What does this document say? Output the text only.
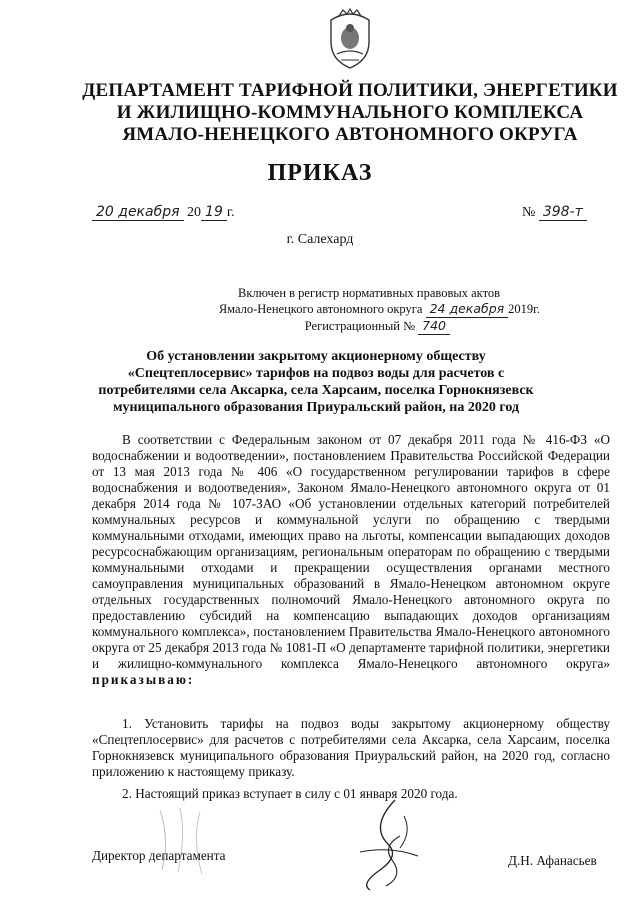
ДЕПАРТАМЕНТ ТАРИФНОЙ ПОЛИТИКИ, ЭНЕРГЕТИКИ
И ЖИЛИЩНО-КОММУНАЛЬНОГО КОМПЛЕКСА
ЯМАЛО-НЕНЕЦКОГО АВТОНОМНОГО ОКРУГА
ПРИКАЗ
20 декабря 20 19 г.	№ 398-т
г. Салехард
Включен в регистр нормативных правовых актов
Ямало-Ненецкого автономного округа 24 декабря 2019г.
Регистрационный № 740
Об установлении закрытому акционерному обществу «Спецтеплосервис» тарифов на подвоз воды для расчетов с потребителями села Аксарка, села Харсаим, поселка Горнокнязевск муниципального образования Приуральский район, на 2020 год
В соответствии с Федеральным законом от 07 декабря 2011 года № 416-ФЗ «О водоснабжении и водоотведении», постановлением Правительства Российской Федерации от 13 мая 2013 года № 406 «О государственном регулировании тарифов в сфере водоснабжения и водоотведения», Законом Ямало-Ненецкого автономного округа от 01 декабря 2014 года № 107-ЗАО «Об установлении отдельных категорий потребителей коммунальных ресурсов и коммунальной услуги по обращению с твердыми коммунальными отходами, имеющих право на льготы, компенсации выпадающих доходов ресурсоснабжающим организациям, региональным операторам по обращению с твердыми коммунальными отходами и прекращении осуществления органами местного самоуправления муниципальных образований в Ямало-Ненецком автономном округе отдельных государственных полномочий Ямало-Ненецкого автономного округа по предоставлению субсидий на компенсацию выпадающих доходов организациям коммунального комплекса», постановлением Правительства Ямало-Ненецкого автономного округа от 25 декабря 2013 года № 1081-П «О департаменте тарифной политики, энергетики и жилищно-коммунального комплекса Ямало-Ненецкого автономного округа» приказываю:
1. Установить тарифы на подвоз воды закрытому акционерному обществу «Спецтеплосервис» для расчетов с потребителями села Аксарка, села Харсаим, поселка Горнокнязевск муниципального образования Приуральский район, на 2020 год, согласно приложению к настоящему приказу.
2. Настоящий приказ вступает в силу с 01 января 2020 года.
Директор департамента	Д.Н. Афанасьев
